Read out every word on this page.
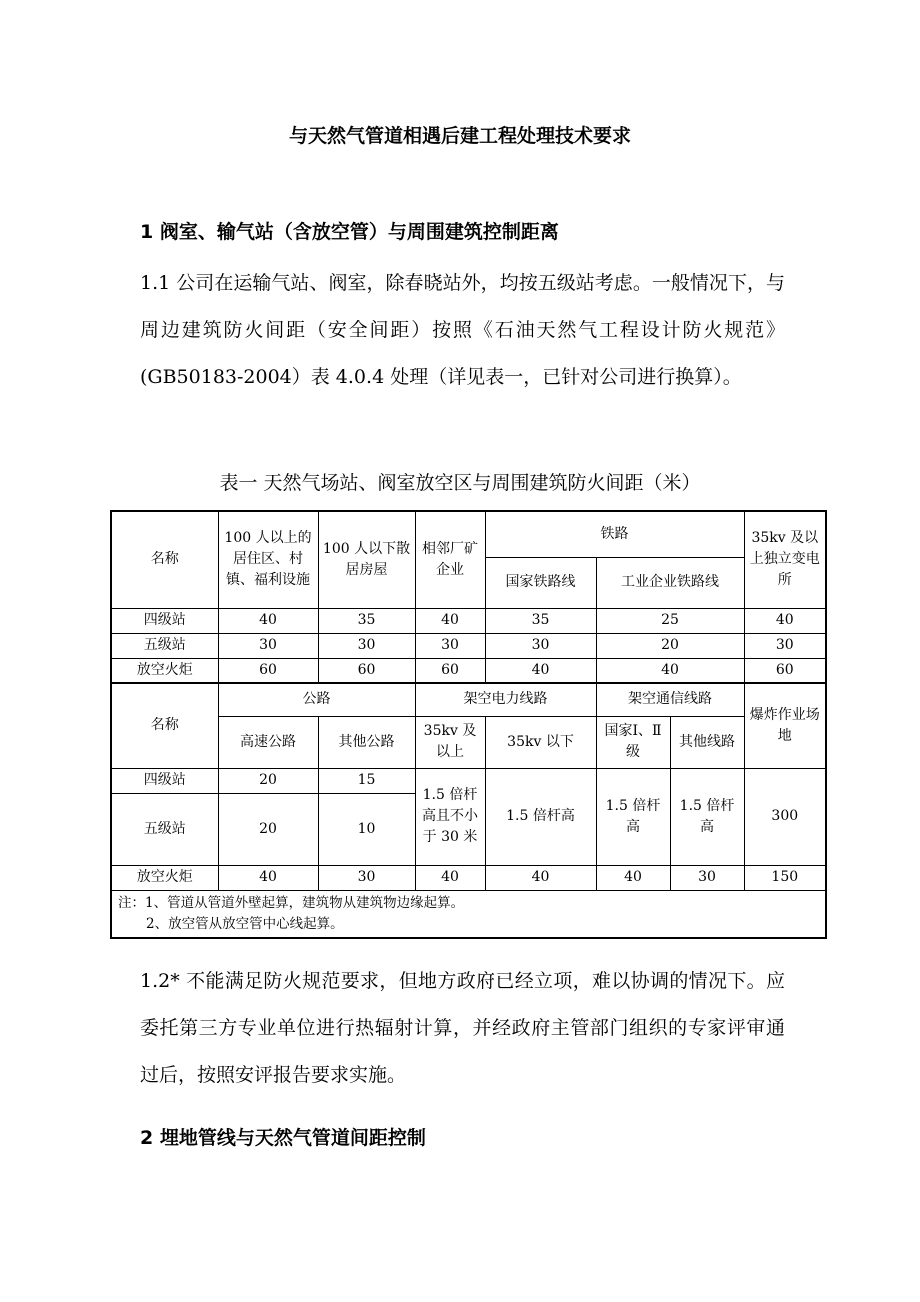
与天然气管道相遇后建工程处理技术要求
1 阀室、输气站（含放空管）与周围建筑控制距离

1.1 公司在运输气站、阀室，除春晓站外，均按五级站考虑。一般情况下，与周边建筑防火间距（安全间距）按照《石油天然气工程设计防火规范》(GB50183-2004）表 4.0.4 处理（详见表一，已针对公司进行换算）。

表一 天然气场站、阀室放空区与周围建筑防火间距（米）
名称	100 人以上的居住区、村镇、福利设施	100 人以下散居房屋	相邻厂矿企业	铁路			35kv 及以上独立变电所
				国家铁路线	工业企业铁路线		
四级站	40	35	40	35	25		40
五级站	30	30	30	30	20		30
放空火炬	60	60	60	40	40		60
名称	公路		架空电力线路		架空通信线路		爆炸作业场地
	高速公路	其他公路	35kv 及以上	35kv 以下	国家Ⅰ、Ⅱ级	其他线路	
四级站	20	15	1.5 倍杆高且不小于 30 米	1.5 倍杆高	1.5 倍杆高	1.5 倍杆高	300
五级站	20	10					
放空火炬	40	30	40	40	40	30	150
注：1、管道从管道外壁起算，建筑物从建筑物边缘起算。
2、放空管从放空管中心线起算。							

1.2* 不能满足防火规范要求，但地方政府已经立项，难以协调的情况下。应委托第三方专业单位进行热辐射计算，并经政府主管部门组织的专家评审通过后，按照安评报告要求实施。

2 埋地管线与天然气管道间距控制
